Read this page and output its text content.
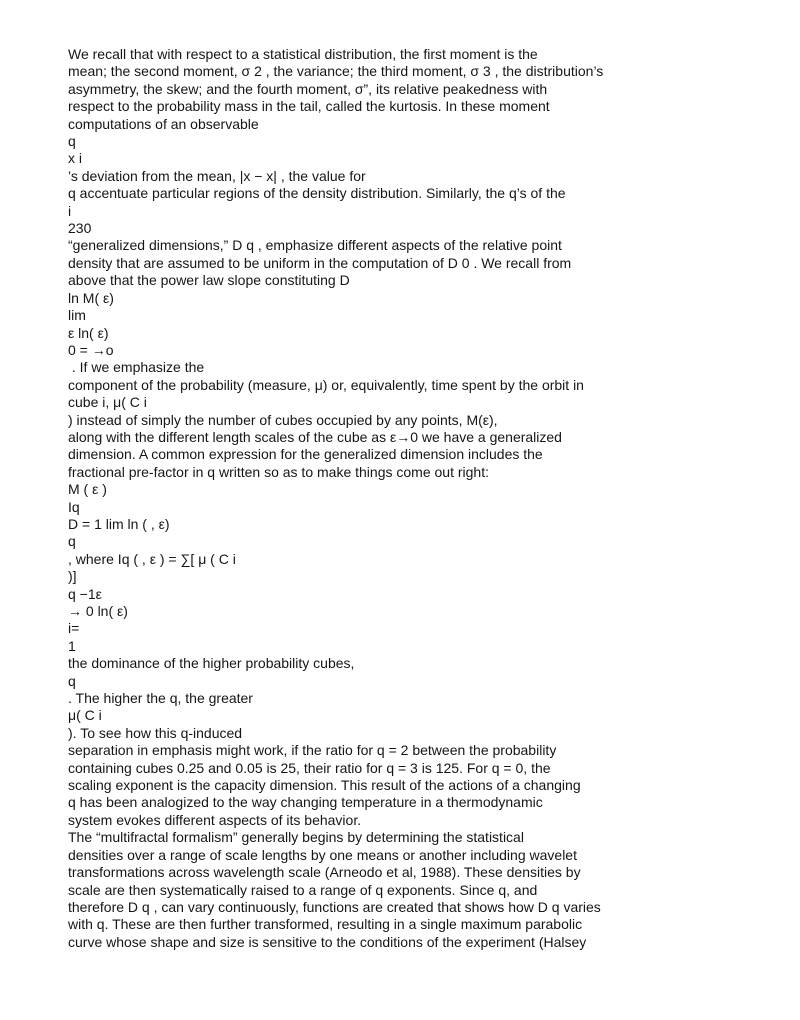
We recall that with respect to a statistical distribution, the first moment is the
mean; the second moment, σ 2 , the variance; the third moment, σ 3 , the distribution’s
asymmetry, the skew; and the fourth moment, σ”, its relative peakedness with
respect to the probability mass in the tail, called the kurtosis. In these moment
computations of an observable
q
x i
’s deviation from the mean, |x − x| , the value for
q accentuate particular regions of the density distribution. Similarly, the q’s of the
i
230
“generalized dimensions,” D q , emphasize different aspects of the relative point
density that are assumed to be uniform in the computation of D 0 . We recall from
above that the power law slope constituting D
ln M( ε)
lim
ε ln( ε)
0 = →o
. If we emphasize the
component of the probability (measure, μ) or, equivalently, time spent by the orbit in
cube i, μ( C i
) instead of simply the number of cubes occupied by any points, M(ε),
along with the different length scales of the cube as ε→0 we have a generalized
dimension. A common expression for the generalized dimension includes the
fractional pre-factor in q written so as to make things come out right:
M ( ε )
Iq
D = 1 lim ln ( , ε)
q
, where Iq ( , ε ) = ∑[ μ ( C i
)]
q −1ε
→ 0 ln( ε)
i=
1
the dominance of the higher probability cubes,
q
. The higher the q, the greater
μ( C i
). To see how this q-induced
separation in emphasis might work, if the ratio for q = 2 between the probability
containing cubes 0.25 and 0.05 is 25, their ratio for q = 3 is 125. For q = 0, the
scaling exponent is the capacity dimension. This result of the actions of a changing
q has been analogized to the way changing temperature in a thermodynamic
system evokes different aspects of its behavior.
The “multifractal formalism” generally begins by determining the statistical
densities over a range of scale lengths by one means or another including wavelet
transformations across wavelength scale (Arneodo et al, 1988). These densities by
scale are then systematically raised to a range of q exponents. Since q, and
therefore D q , can vary continuously, functions are created that shows how D q varies
with q. These are then further transformed, resulting in a single maximum parabolic
curve whose shape and size is sensitive to the conditions of the experiment (Halsey
